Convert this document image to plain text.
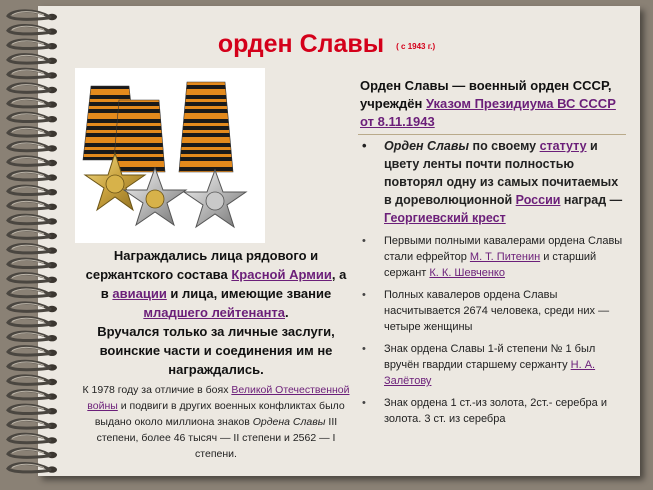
орден Славы ( с 1943 г.)
Награждались лица рядового и сержантского состава Красной Армии, а в авиации и лица, имеющие звание младшего лейтенанта.
Вручался только за личные заслуги, воинские части и соединения им не награждались.
К 1978 году за отличие в боях Великой Отечественной войны и подвиги в других военных конфликтах было выдано около миллиона знаков Ордена Славы III степени, более 46 тысяч — II степени и 2562 — I степени.
Орден Славы — военный орден СССР, учреждён Указом Президиума ВС СССР от 8.11.1943
• Орден Славы по своему статуту и цвету ленты почти полностью повторял одну из самых почитаемых в дореволюционной России наград — Георгиевский крест
• Первыми полными кавалерами ордена Славы стали ефрейтор М. Т. Питенин и старший сержант К. К. Шевченко
• Полных кавалеров ордена Славы насчитывается 2674 человека, среди них — четыре женщины
• Знак ордена Славы 1-й степени № 1 был вручён гвардии старшему сержанту Н. А. Залётову
• Знак ордена 1 ст.-из золота, 2ст.- серебра и золота. 3 ст. из серебра
